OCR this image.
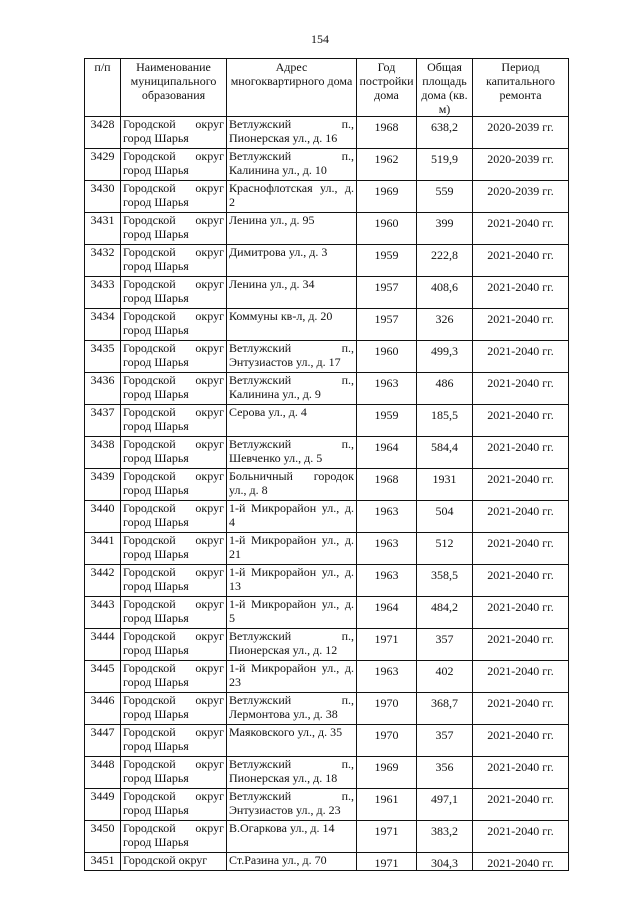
154
п/п	Наименование муниципального образования	Адрес многоквартирного дома	Год постройки дома	Общая площадь дома (кв. м)	Период капитального ремонта
3428	Городской округ город Шарья	Ветлужский п., Пионерская ул., д. 16	1968	638,2	2020-2039 гг.
3429	Городской округ город Шарья	Ветлужский п., Калинина ул., д. 10	1962	519,9	2020-2039 гг.
3430	Городской округ город Шарья	Краснофлотская ул., д. 2	1969	559	2020-2039 гг.
3431	Городской округ город Шарья	Ленина ул., д. 95	1960	399	2021-2040 гг.
3432	Городской округ город Шарья	Димитрова ул., д. 3	1959	222,8	2021-2040 гг.
3433	Городской округ город Шарья	Ленина ул., д. 34	1957	408,6	2021-2040 гг.
3434	Городской округ город Шарья	Коммуны кв-л, д. 20	1957	326	2021-2040 гг.
3435	Городской округ город Шарья	Ветлужский п., Энтузиастов ул., д. 17	1960	499,3	2021-2040 гг.
3436	Городской округ город Шарья	Ветлужский п., Калинина ул., д. 9	1963	486	2021-2040 гг.
3437	Городской округ город Шарья	Серова ул., д. 4	1959	185,5	2021-2040 гг.
3438	Городской округ город Шарья	Ветлужский п., Шевченко ул., д. 5	1964	584,4	2021-2040 гг.
3439	Городской округ город Шарья	Больничный городок ул., д. 8	1968	1931	2021-2040 гг.
3440	Городской округ город Шарья	1-й Микрорайон ул., д. 4	1963	504	2021-2040 гг.
3441	Городской округ город Шарья	1-й Микрорайон ул., д. 21	1963	512	2021-2040 гг.
3442	Городской округ город Шарья	1-й Микрорайон ул., д. 13	1963	358,5	2021-2040 гг.
3443	Городской округ город Шарья	1-й Микрорайон ул., д. 5	1964	484,2	2021-2040 гг.
3444	Городской округ город Шарья	Ветлужский п., Пионерская ул., д. 12	1971	357	2021-2040 гг.
3445	Городской округ город Шарья	1-й Микрорайон ул., д. 23	1963	402	2021-2040 гг.
3446	Городской округ город Шарья	Ветлужский п., Лермонтова ул., д. 38	1970	368,7	2021-2040 гг.
3447	Городской округ город Шарья	Маяковского ул., д. 35	1970	357	2021-2040 гг.
3448	Городской округ город Шарья	Ветлужский п., Пионерская ул., д. 18	1969	356	2021-2040 гг.
3449	Городской округ город Шарья	Ветлужский п., Энтузиастов ул., д. 23	1961	497,1	2021-2040 гг.
3450	Городской округ город Шарья	В.Огаркова ул., д. 14	1971	383,2	2021-2040 гг.
3451	Городской округ	Ст.Разина ул., д. 70	1971	304,3	2021-2040 гг.
